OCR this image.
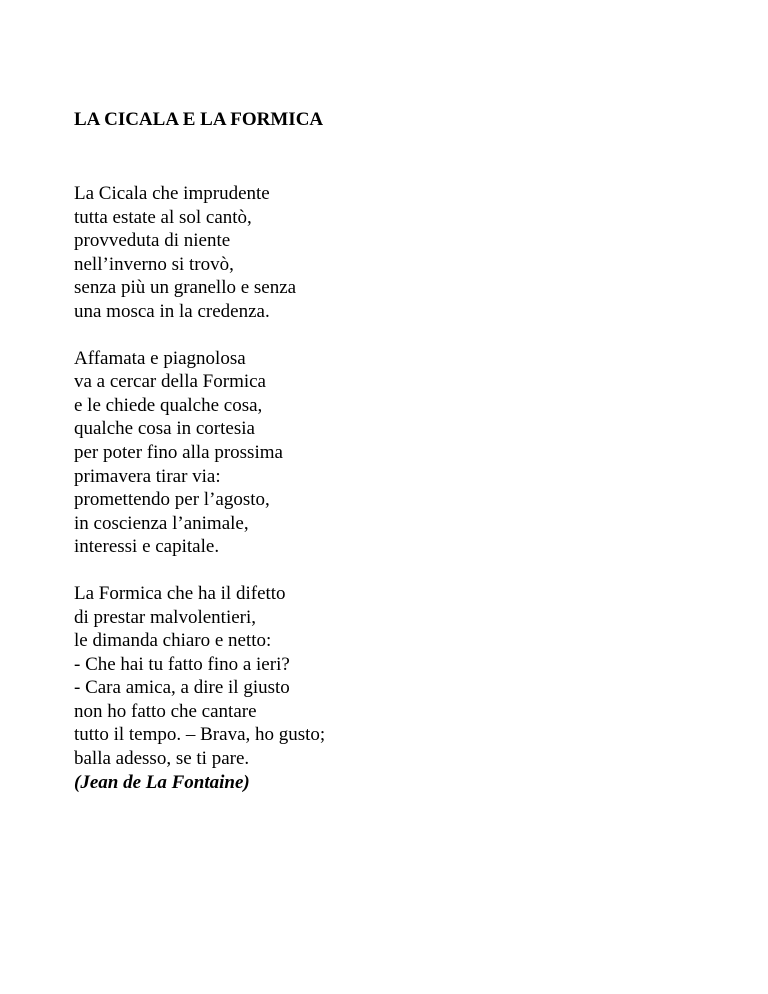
LA CICALA E LA FORMICA
La Cicala che imprudente
tutta estate al sol cantò,
provveduta di niente
nell’inverno si trovò,
senza più un granello e senza
una mosca in la credenza.
Affamata e piagnolosa
va a cercar della Formica
e le chiede qualche cosa,
qualche cosa in cortesia
per poter fino alla prossima
primavera tirar via:
promettendo per l’agosto,
in coscienza l’animale,
interessi e capitale.
La Formica che ha il difetto
di prestar malvolentieri,
le dimanda chiaro e netto:
- Che hai tu fatto fino a ieri?
- Cara amica, a dire il giusto
non ho fatto che cantare
tutto il tempo. – Brava, ho gusto;
balla adesso, se ti pare.
(Jean de La Fontaine)
